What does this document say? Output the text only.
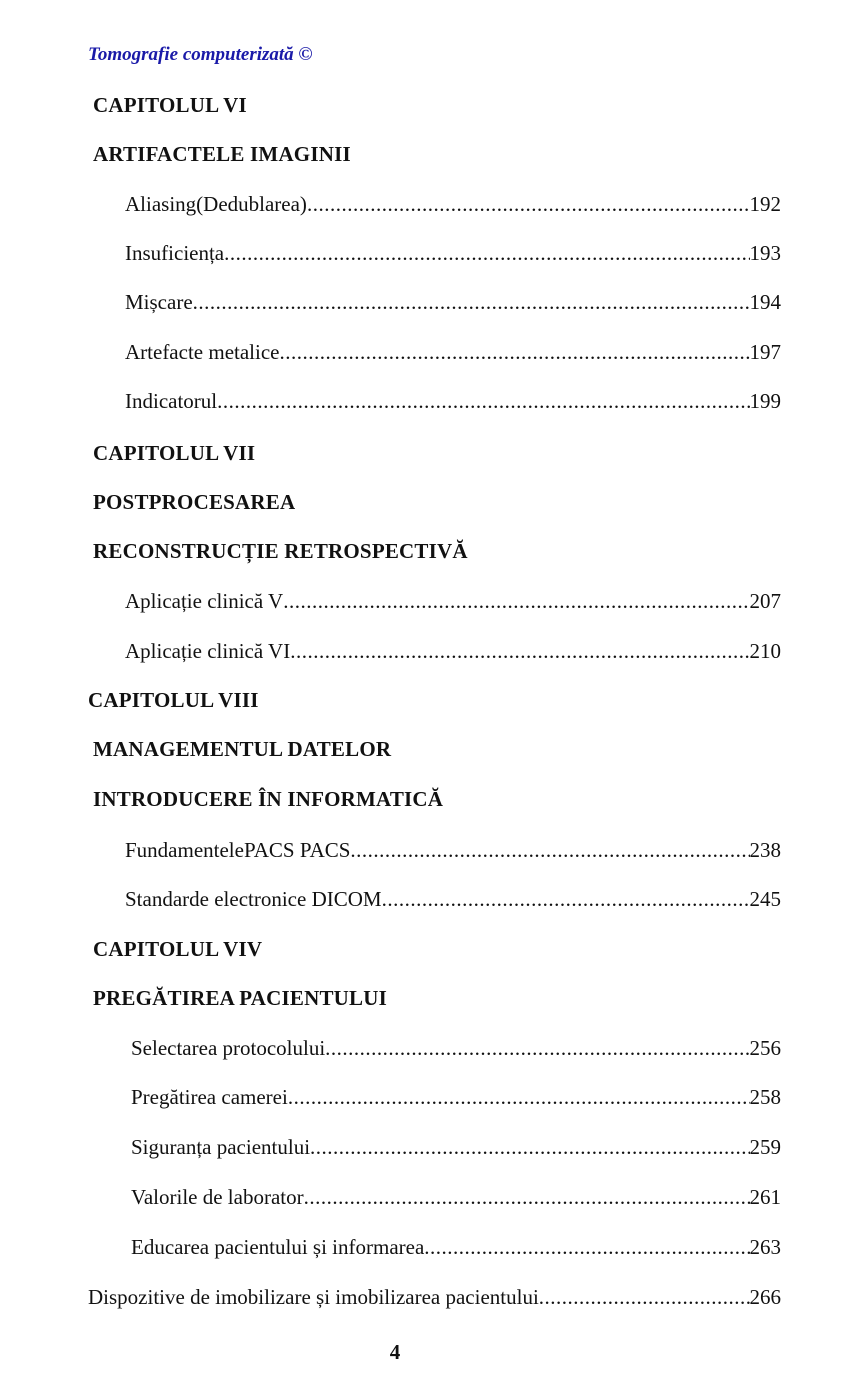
Tomografie computerizată ©
CAPITOLUL VI
ARTIFACTELE IMAGINII
Aliasing(Dedublarea) .....	192
Insuficiența .....	193
Mișcare .....	194
Artefacte metalice .....	197
Indicatorul .....	199
CAPITOLUL VII
POSTPROCESAREA
RECONSTRUCȚIE RETROSPECTIVĂ
Aplicație clinică V .....	207
Aplicație clinică VI .....	210
CAPITOLUL VIII
MANAGEMENTUL DATELOR
INTRODUCERE ÎN INFORMATICĂ
FundamentelePACS PACS .....	238
Standarde electronice DICOM .....	245
CAPITOLUL VIV
PREGĂTIREA PACIENTULUI
Selectarea protocolului .....	256
Pregătirea camerei .....	258
Siguranța pacientului .....	259
Valorile de laborator .....	261
Educarea pacientului și informarea .....	263
Dispozitive de imobilizare și imobilizarea pacientului .....	266
4
